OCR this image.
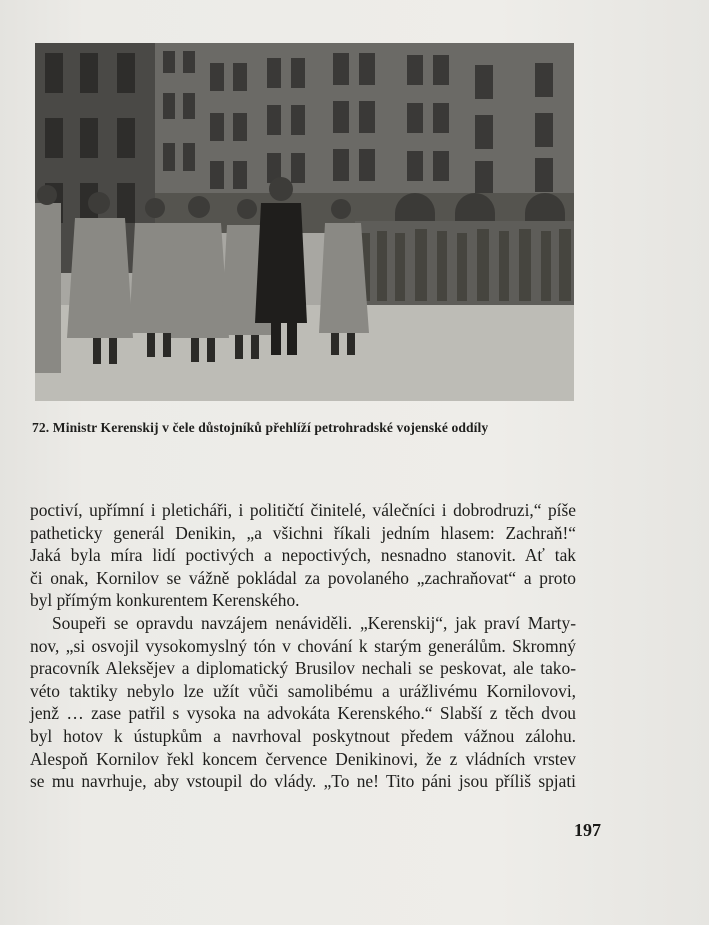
72. Ministr Kerenskij v čele důstojníků přehlíží petrohradské vojenské oddíly
poctiví, upřímní i pleticháři, i političtí činitelé, válečníci i dobrodruzi,“ píše
patheticky generál Denikin, „a všichni říkali jedním hlasem: Zachraň!“
Jaká byla míra lidí poctivých a nepoctivých, nesnadno stanovit. Ať tak
či onak, Kornilov se vážně pokládal za povolaného „zachraňovat“ a proto
byl přímým konkurentem Kerenského.
Soupeři se opravdu navzájem nenáviděli. „Kerenskij“, jak praví Marty-
nov, „si osvojil vysokomyslný tón v chování k starým generálům. Skromný
pracovník Aleksějev a diplomatický Brusilov nechali se peskovat, ale tako-
véto taktiky nebylo lze užít vůči samolibému a urážlivému Kornilovovi,
jenž … zase patřil s vysoka na advokáta Kerenského.“ Slabší z těch dvou
byl hotov k ústupkům a navrhoval poskytnout předem vážnou zálohu.
Alespoň Kornilov řekl koncem července Denikinovi, že z vládních vrstev
se mu navrhuje, aby vstoupil do vlády. „To ne! Tito páni jsou příliš spjati
197
